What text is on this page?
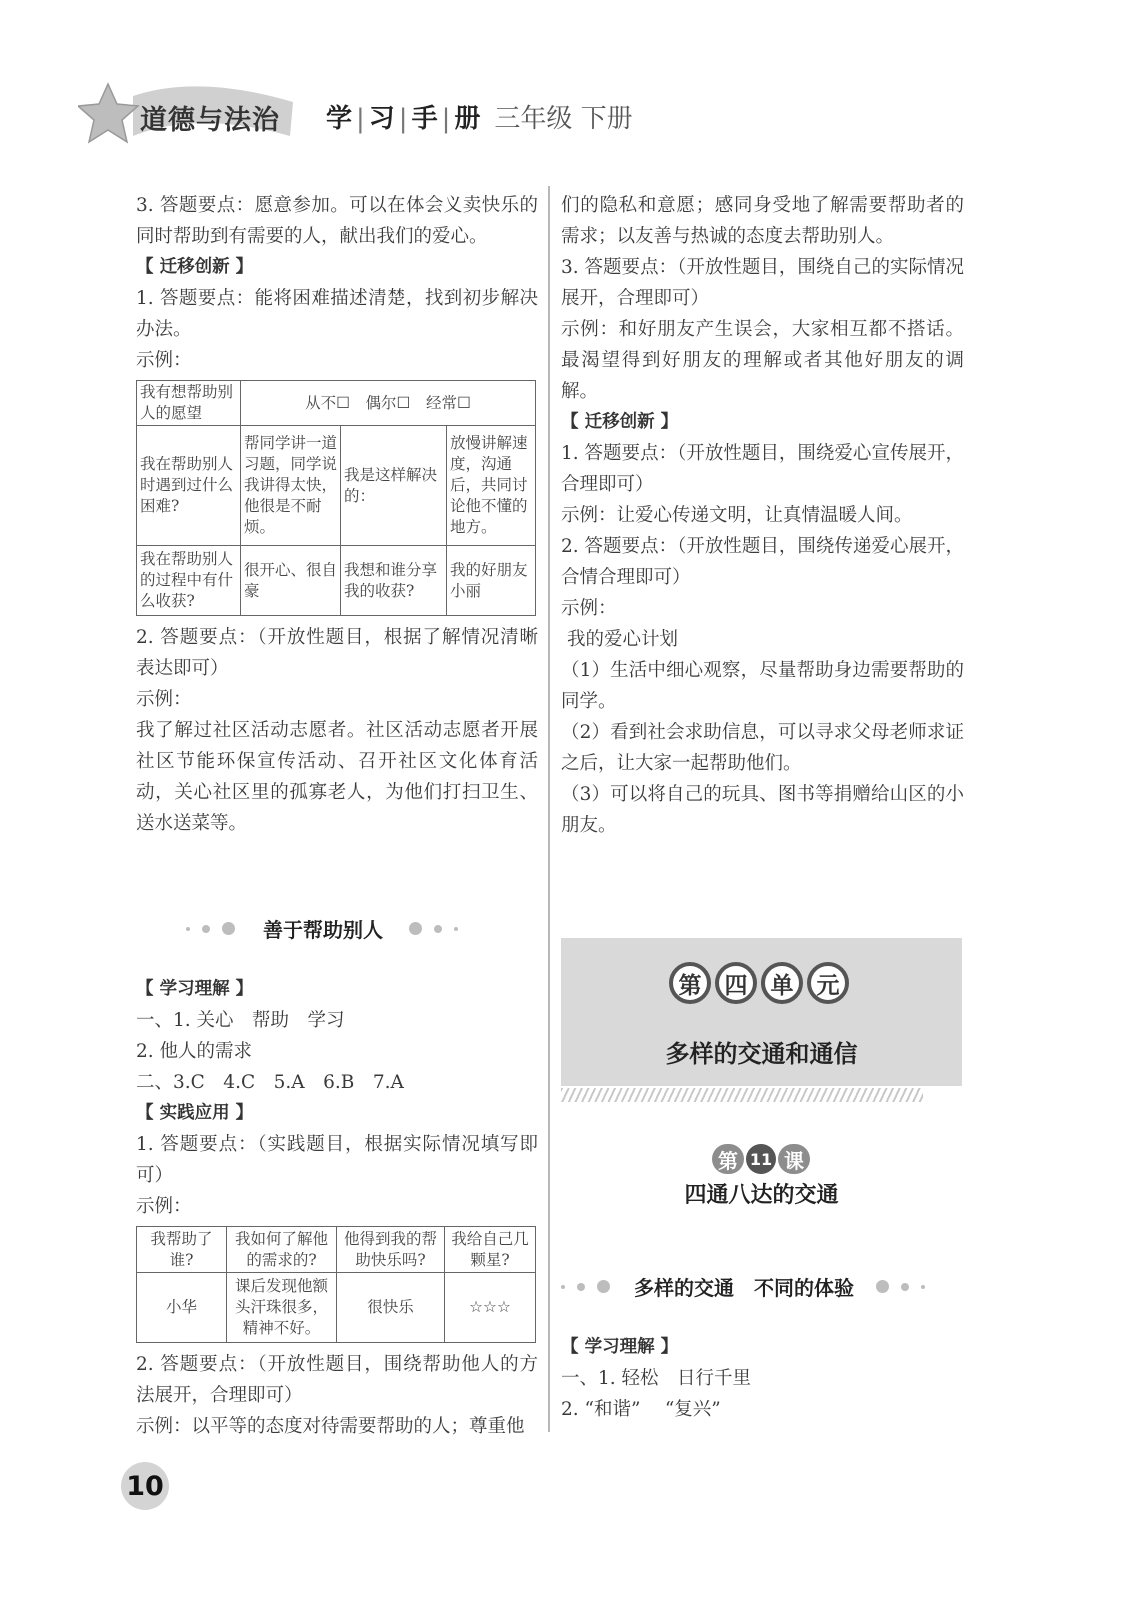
道德与法治 学 | 习 | 手 | 册 三年级 下册
3. 答题要点：愿意参加。可以在体会义卖快乐的同时帮助到有需要的人，献出我们的爱心。
【 迁移创新 】
1. 答题要点：能将困难描述清楚，找到初步解决办法。
示例：
我有想帮助别人的愿望	从不☐　偶尔☐　经常☐		
我在帮助别人时遇到过什么困难?	帮同学讲一道习题，同学说我讲得太快，他很是不耐烦。	我是这样解决的：	放慢讲解速度，沟通后，共同讨论他不懂的地方。
我在帮助别人的过程中有什么收获?	很开心、很自豪	我想和谁分享我的收获?	我的好朋友小丽
2. 答题要点：（开放性题目，根据了解情况清晰表达即可）
示例：
我了解过社区活动志愿者。社区活动志愿者开展社区节能环保宣传活动、召开社区文化体育活动，关心社区里的孤寡老人，为他们打扫卫生、送水送菜等。
善于帮助别人
【 学习理解 】
一、1. 关心　帮助　学习
2. 他人的需求
二、3.C　4.C　5.A　6.B　7.A
【 实践应用 】
1. 答题要点：（实践题目，根据实际情况填写即可）
示例：
我帮助了谁?	我如何了解他的需求的?	他得到我的帮助快乐吗?	我给自己几颗星?
小华	课后发现他额头汗珠很多，精神不好。	很快乐	☆☆☆
2. 答题要点：（开放性题目，围绕帮助他人的方法展开，合理即可）
示例：以平等的态度对待需要帮助的人；尊重他
们的隐私和意愿；感同身受地了解需要帮助者的需求；以友善与热诚的态度去帮助别人。
3. 答题要点：（开放性题目，围绕自己的实际情况展开，合理即可）
示例：和好朋友产生误会，大家相互都不搭话。最渴望得到好朋友的理解或者其他好朋友的调解。
【 迁移创新 】
1. 答题要点：（开放性题目，围绕爱心宣传展开，合理即可）
示例：让爱心传递文明，让真情温暖人间。
2. 答题要点：（开放性题目，围绕传递爱心展开，合情合理即可）
示例：
我的爱心计划
（1）生活中细心观察，尽量帮助身边需要帮助的同学。
（2）看到社会求助信息，可以寻求父母老师求证之后，让大家一起帮助他们。
（3）可以将自己的玩具、图书等捐赠给山区的小朋友。
第	四	单	元
多样的交通和通信
第 11 课
四通八达的交通
多样的交通　不同的体验
【 学习理解 】
一、1. 轻松　日行千里
2. “和谐”　 “复兴”
10
